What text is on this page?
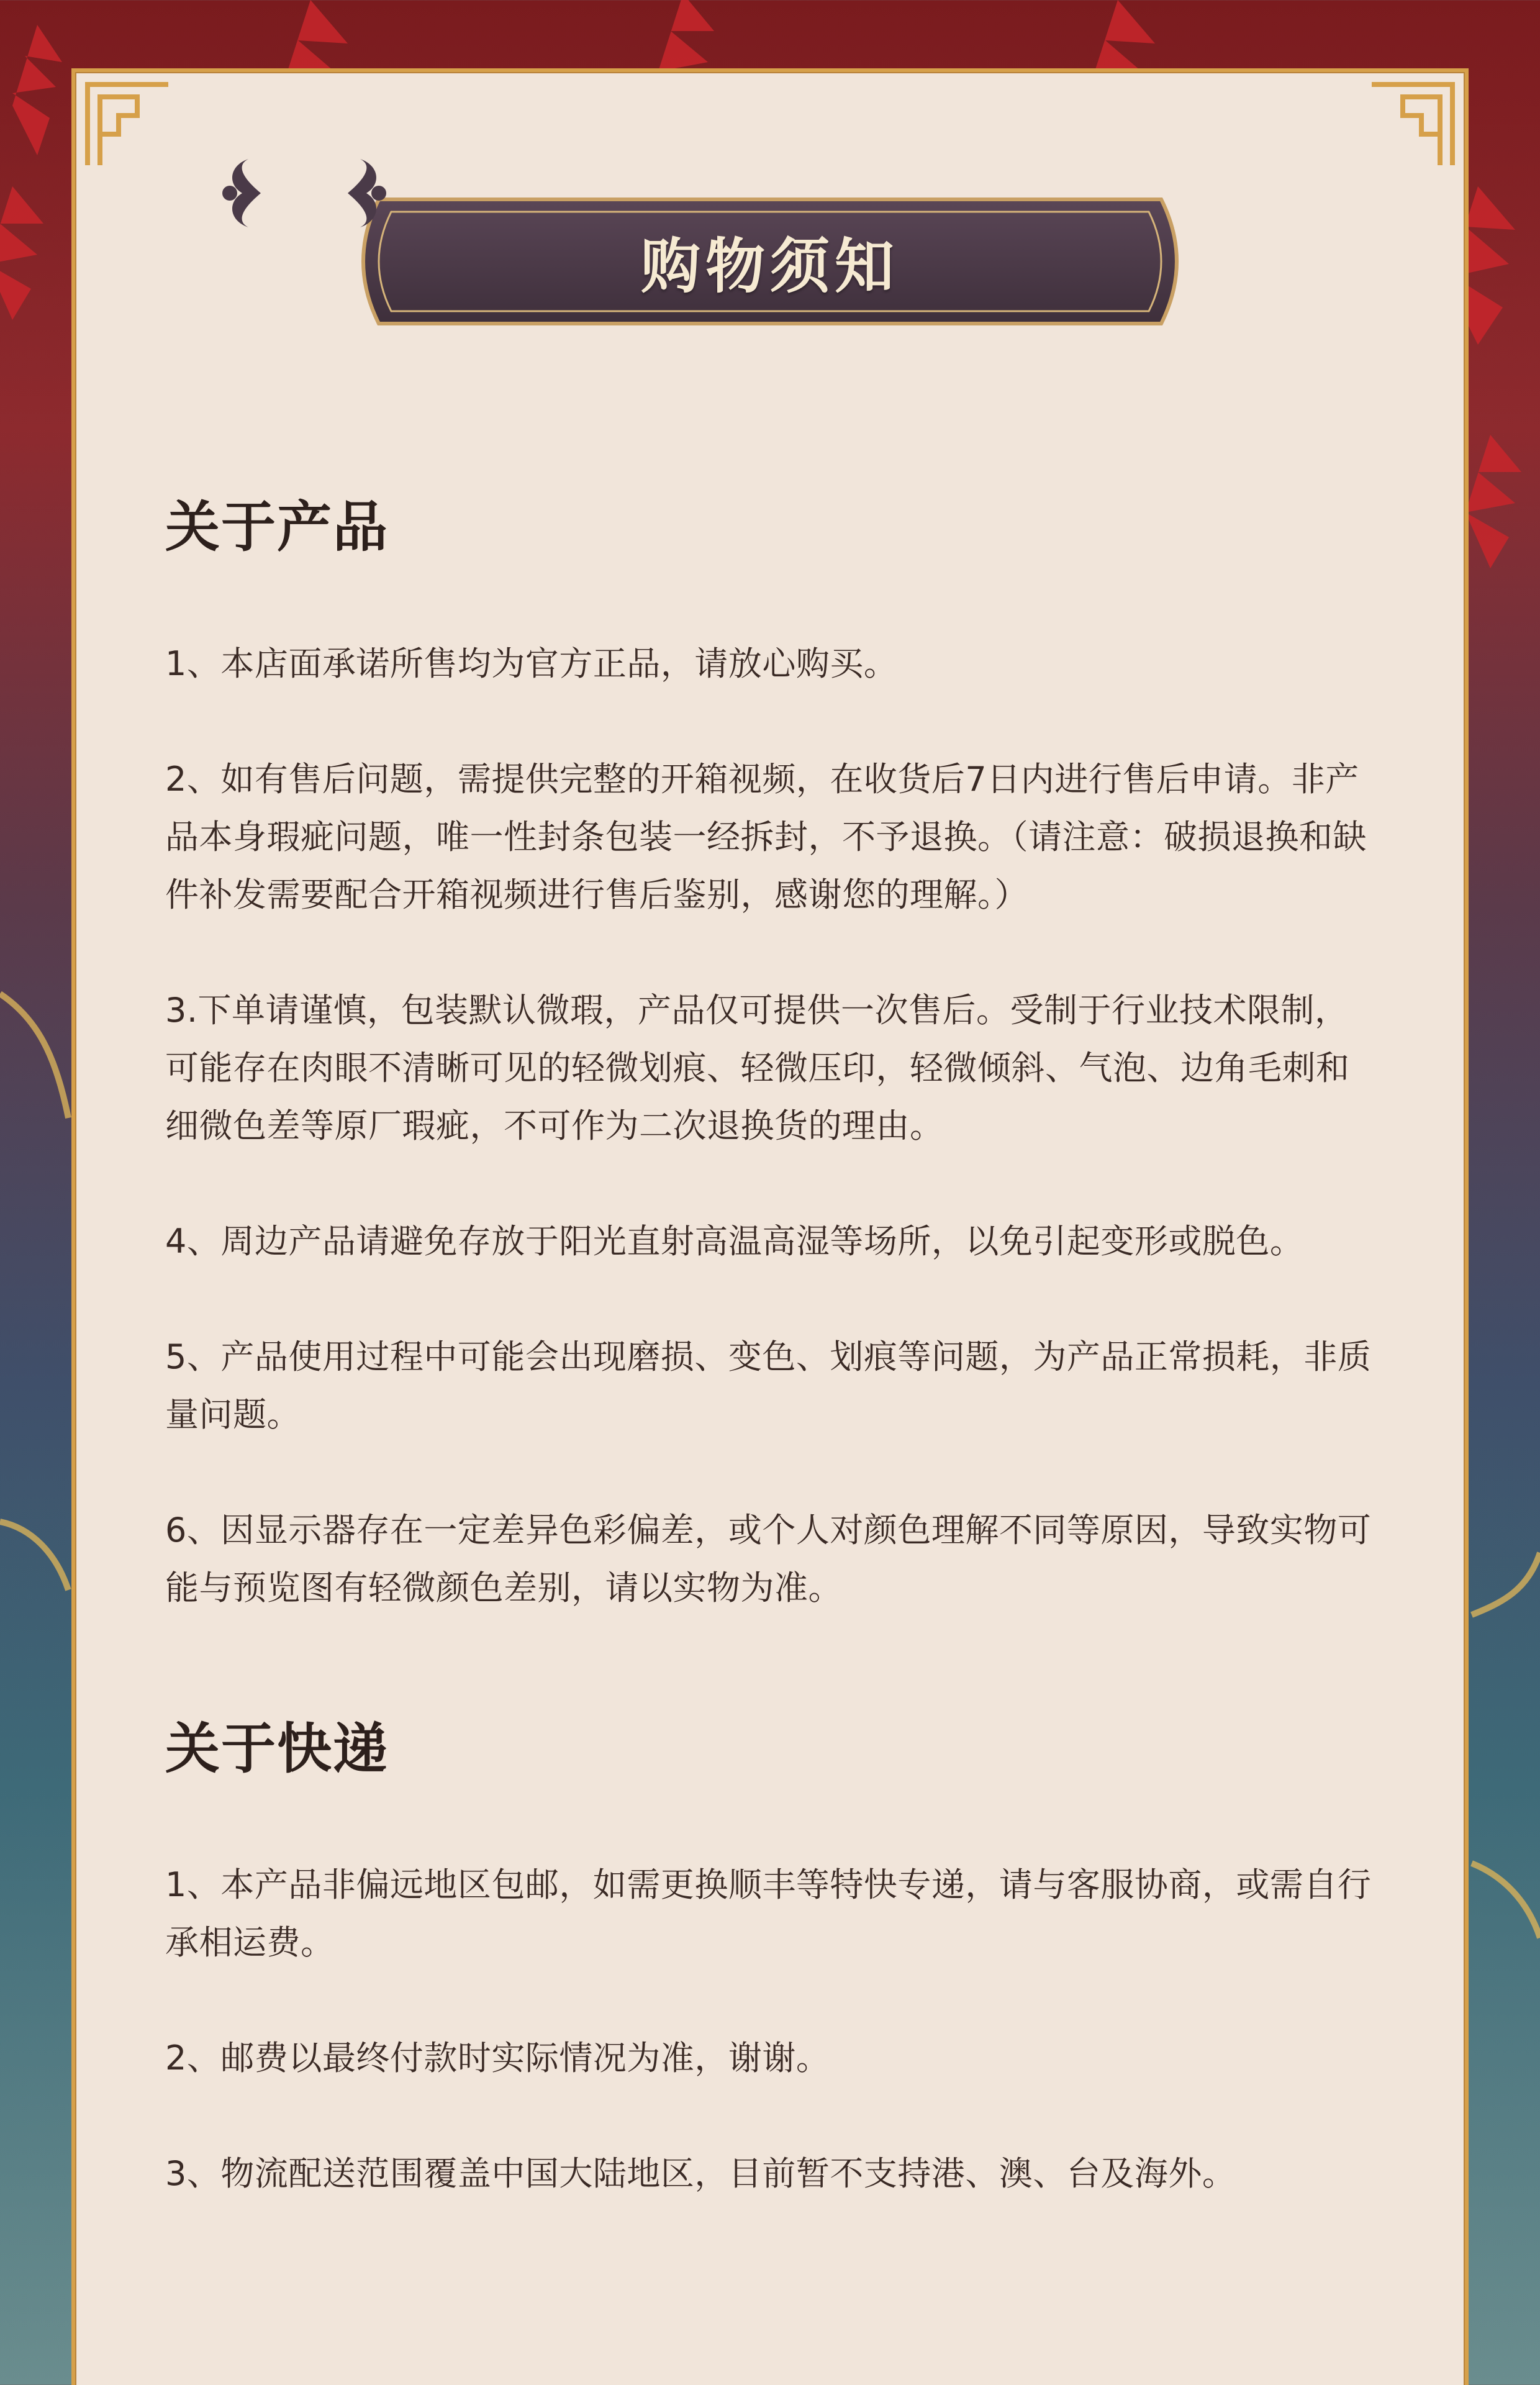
购物须知
关于产品

1、本店面承诺所售均为官方正品，请放心购买。

2、如有售后问题，需提供完整的开箱视频，在收货后7日内进行售后申请。非产品本身瑕疵问题，唯一性封条包装一经拆封，不予退换。（请注意：破损退换和缺件补发需要配合开箱视频进行售后鉴别，感谢您的理解。）

3.下单请谨慎，包装默认微瑕，产品仅可提供一次售后。受制于行业技术限制，可能存在肉眼不清晰可见的轻微划痕、轻微压印，轻微倾斜、气泡、边角毛刺和细微色差等原厂瑕疵，不可作为二次退换货的理由。

4、周边产品请避免存放于阳光直射高温高湿等场所，以免引起变形或脱色。

5、产品使用过程中可能会出现磨损、变色、划痕等问题，为产品正常损耗，非质量问题。

6、因显示器存在一定差异色彩偏差，或个人对颜色理解不同等原因，导致实物可能与预览图有轻微颜色差别，请以实物为准。

关于快递

1、本产品非偏远地区包邮，如需更换顺丰等特快专递，请与客服协商，或需自行承相运费。

2、邮费以最终付款时实际情况为准，谢谢。

3、物流配送范围覆盖中国大陆地区，目前暂不支持港、澳、台及海外。
